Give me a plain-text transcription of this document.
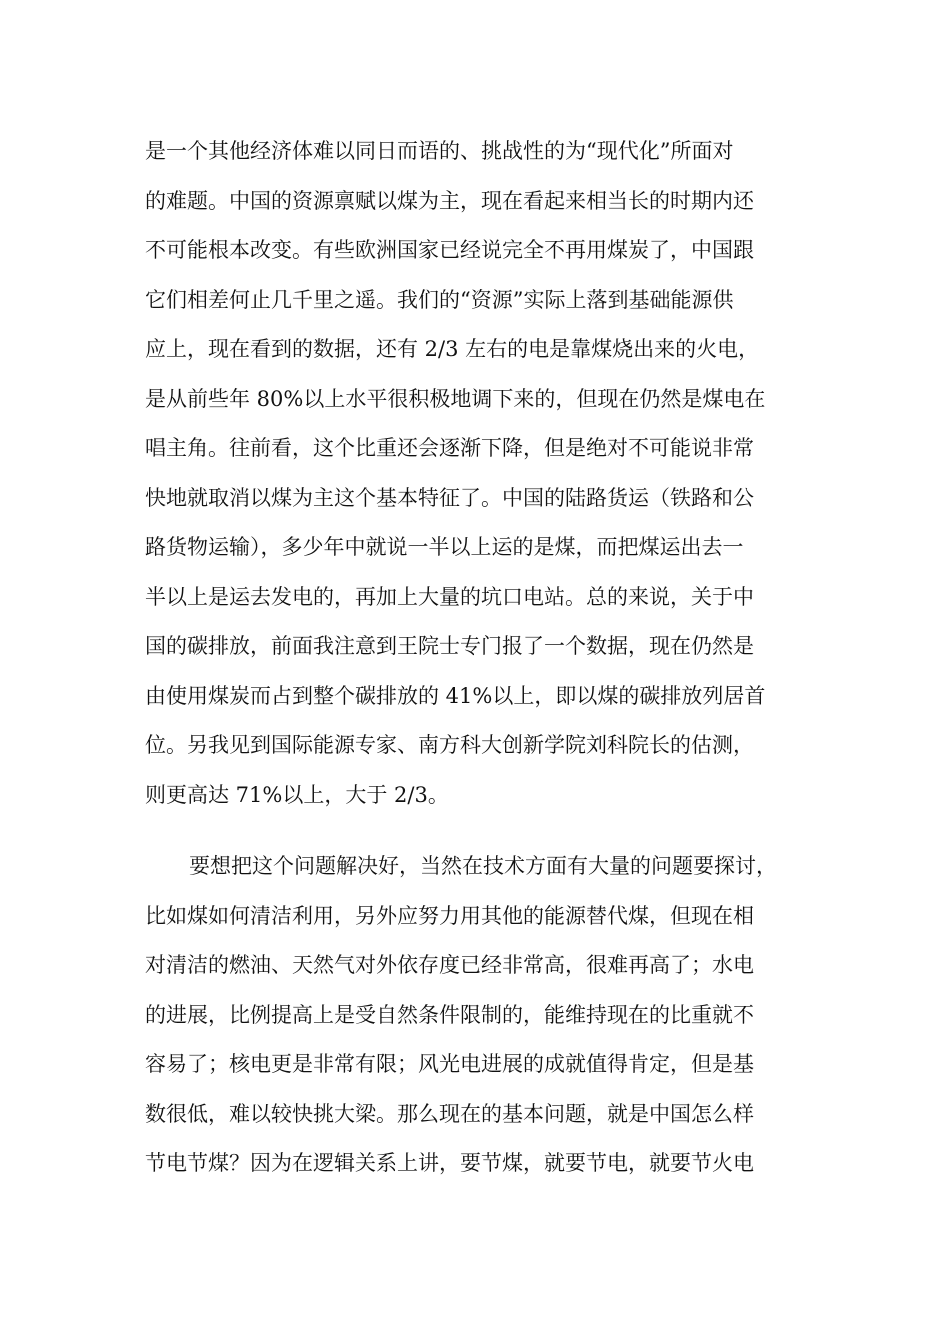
是一个其他经济体难以同日而语的、挑战性的为“现代化”所面对
的难题。中国的资源禀赋以煤为主，现在看起来相当长的时期内还
不可能根本改变。有些欧洲国家已经说完全不再用煤炭了，中国跟
它们相差何止几千里之遥。我们的“资源”实际上落到基础能源供
应上，现在看到的数据，还有 2/3 左右的电是靠煤烧出来的火电，
是从前些年 80%以上水平很积极地调下来的，但现在仍然是煤电在
唱主角。往前看，这个比重还会逐渐下降，但是绝对不可能说非常
快地就取消以煤为主这个基本特征了。中国的陆路货运（铁路和公
路货物运输），多少年中就说一半以上运的是煤，而把煤运出去一
半以上是运去发电的，再加上大量的坑口电站。总的来说，关于中
国的碳排放，前面我注意到王院士专门报了一个数据，现在仍然是
由使用煤炭而占到整个碳排放的 41%以上，即以煤的碳排放列居首
位。另我见到国际能源专家、南方科大创新学院刘科院长的估测，
则更高达 71%以上，大于 2/3。
要想把这个问题解决好，当然在技术方面有大量的问题要探讨，
比如煤如何清洁利用，另外应努力用其他的能源替代煤，但现在相
对清洁的燃油、天然气对外依存度已经非常高，很难再高了；水电
的进展，比例提高上是受自然条件限制的，能维持现在的比重就不
容易了；核电更是非常有限；风光电进展的成就值得肯定，但是基
数很低，难以较快挑大梁。那么现在的基本问题，就是中国怎么样
节电节煤？因为在逻辑关系上讲，要节煤，就要节电，就要节火电
